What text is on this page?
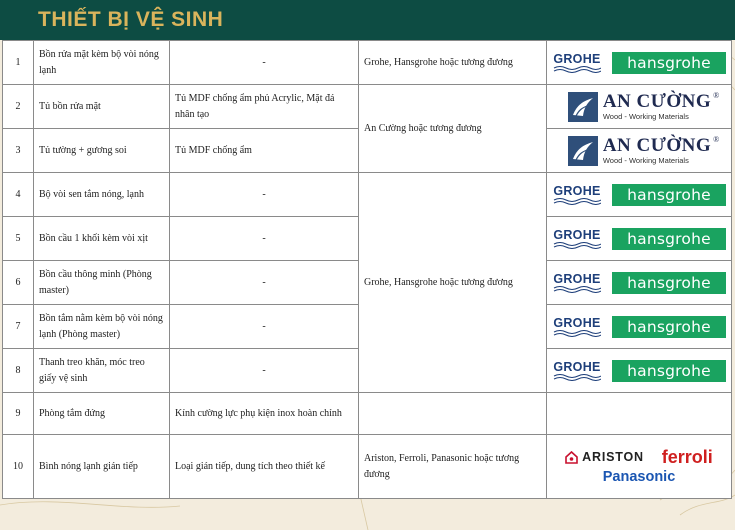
THIẾT BỊ VỆ SINH
1	Bồn rửa mặt kèm bộ vòi nóng lạnh	-	Grohe, Hansgrohe hoặc tương đương	GROHE hansgrohe

2	Tủ bồn rửa mặt	Tủ MDF chống ẩm phủ Acrylic, Mặt đá nhân tạo	An Cường hoặc tương đương	AN CƯỜNG ®
Wood - Working Materials

3	Tủ tường + gương soi	Tủ MDF chống ẩm		AN CƯỜNG ®
Wood - Working Materials

4	Bộ vòi sen tắm nóng, lạnh	-	Grohe, Hansgrohe hoặc tương đương	GROHE hansgrohe

5	Bồn cầu 1 khối kèm vòi xịt	-		GROHE hansgrohe

6	Bồn cầu thông minh (Phòng master)	-		GROHE hansgrohe

7	Bồn tắm nằm kèm bộ vòi nóng lạnh (Phòng master)	-		GROHE hansgrohe

8	Thanh treo khăn, móc treo giấy vệ sinh	-		GROHE hansgrohe

9	Phòng tắm đứng	Kính cường lực phụ kiện inox hoàn chỉnh		
10	Bình nóng lạnh gián tiếp	Loại gián tiếp, dung tích theo thiết kế	Ariston, Ferroli, Panasonic hoặc tương đương	ARISTON ferroli
Panasonic
